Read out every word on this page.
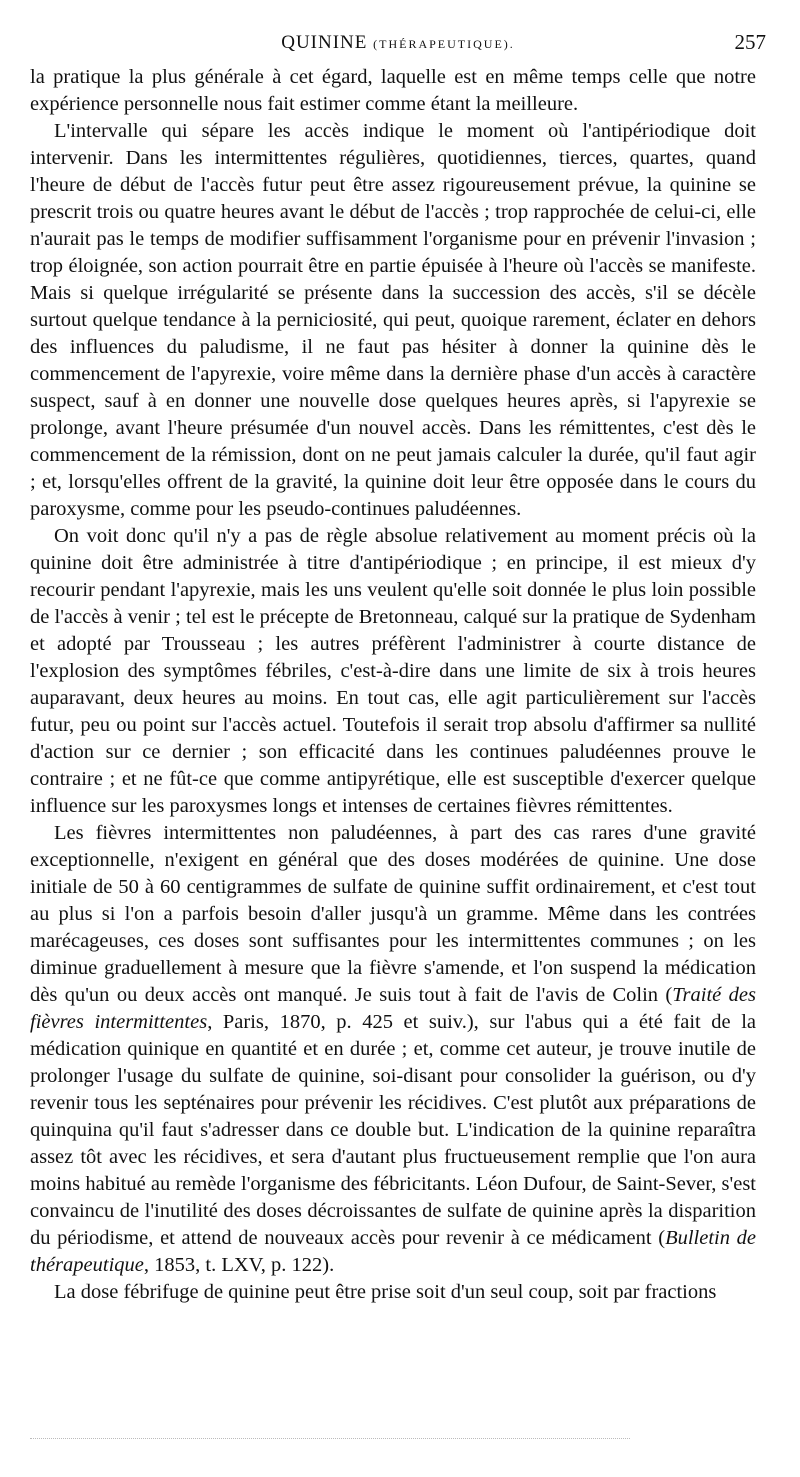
QUININE (THÉRAPEUTIQUE).	257

la pratique la plus générale à cet égard, laquelle est en même temps celle que notre expérience personnelle nous fait estimer comme étant la meilleure.

L'intervalle qui sépare les accès indique le moment où l'antipériodique doit intervenir. Dans les intermittentes régulières, quotidiennes, tierces, quartes, quand l'heure de début de l'accès futur peut être assez rigoureusement prévue, la quinine se prescrit trois ou quatre heures avant le début de l'accès ; trop rapprochée de celui-ci, elle n'aurait pas le temps de modifier suffisamment l'organisme pour en prévenir l'invasion ; trop éloignée, son action pourrait être en partie épuisée à l'heure où l'accès se manifeste. Mais si quelque irrégularité se présente dans la succession des accès, s'il se décèle surtout quelque tendance à la perniciosité, qui peut, quoique rarement, éclater en dehors des influences du paludisme, il ne faut pas hésiter à donner la quinine dès le commencement de l'apyrexie, voire même dans la dernière phase d'un accès à caractère suspect, sauf à en donner une nouvelle dose quelques heures après, si l'apyrexie se prolonge, avant l'heure présumée d'un nouvel accès. Dans les rémittentes, c'est dès le commencement de la rémission, dont on ne peut jamais calculer la durée, qu'il faut agir ; et, lorsqu'elles offrent de la gravité, la quinine doit leur être opposée dans le cours du paroxysme, comme pour les pseudo-continues paludéennes.

On voit donc qu'il n'y a pas de règle absolue relativement au moment précis où la quinine doit être administrée à titre d'antipériodique ; en principe, il est mieux d'y recourir pendant l'apyrexie, mais les uns veulent qu'elle soit donnée le plus loin possible de l'accès à venir ; tel est le précepte de Bretonneau, calqué sur la pratique de Sydenham et adopté par Trousseau ; les autres préfèrent l'administrer à courte distance de l'explosion des symptômes fébriles, c'est-à-dire dans une limite de six à trois heures auparavant, deux heures au moins. En tout cas, elle agit particulièrement sur l'accès futur, peu ou point sur l'accès actuel. Toutefois il serait trop absolu d'affirmer sa nullité d'action sur ce dernier ; son efficacité dans les continues paludéennes prouve le contraire ; et ne fût-ce que comme antipyrétique, elle est susceptible d'exercer quelque influence sur les paroxysmes longs et intenses de certaines fièvres rémittentes.

Les fièvres intermittentes non paludéennes, à part des cas rares d'une gravité exceptionnelle, n'exigent en général que des doses modérées de quinine. Une dose initiale de 50 à 60 centigrammes de sulfate de quinine suffit ordinairement, et c'est tout au plus si l'on a parfois besoin d'aller jusqu'à un gramme. Même dans les contrées marécageuses, ces doses sont suffisantes pour les intermittentes communes ; on les diminue graduellement à mesure que la fièvre s'amende, et l'on suspend la médication dès qu'un ou deux accès ont manqué. Je suis tout à fait de l'avis de Colin (Traité des fièvres intermittentes, Paris, 1870, p. 425 et suiv.), sur l'abus qui a été fait de la médication quinique en quantité et en durée ; et, comme cet auteur, je trouve inutile de prolonger l'usage du sulfate de quinine, soi-disant pour consolider la guérison, ou d'y revenir tous les septénaires pour prévenir les récidives. C'est plutôt aux préparations de quinquina qu'il faut s'adresser dans ce double but. L'indication de la quinine reparaîtra assez tôt avec les récidives, et sera d'autant plus fructueusement remplie que l'on aura moins habitué au remède l'organisme des fébricitants. Léon Dufour, de Saint-Sever, s'est convaincu de l'inutilité des doses décroissantes de sulfate de quinine après la disparition du périodisme, et attend de nouveaux accès pour revenir à ce médicament (Bulletin de thérapeutique, 1853, t. LXV, p. 122).

La dose fébrifuge de quinine peut être prise soit d'un seul coup, soit par fractions
